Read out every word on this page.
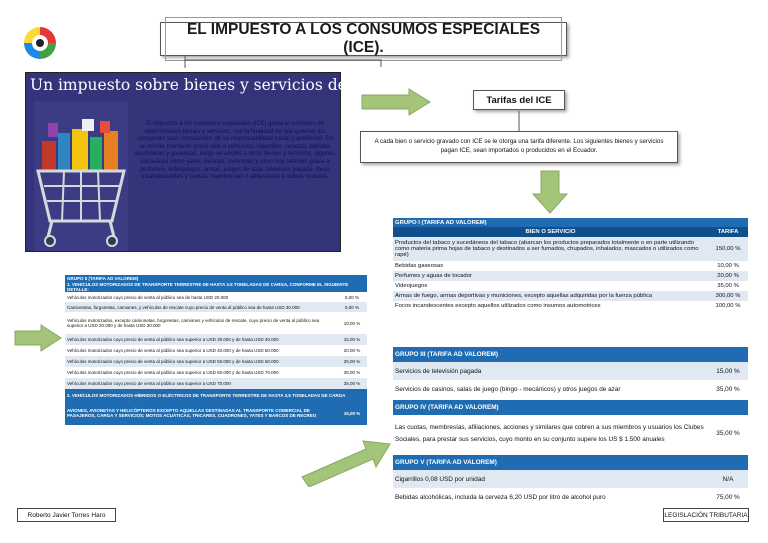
EL IMPUESTO A LOS CONSUMOS ESPECIALES (ICE).
Un impuesto sobre bienes y servicios de lujo
El impuesto a los consumos especiales (ICE) grava el consumo de determinados bienes y servicios, con la finalidad de que quienes los consuman sean conscientes de su responsabilidad social y ambiental. En un primer momento gravó sólo a vehículos, cigarrillos, cerveza, bebidas alcohólicas y gaseosas; luego se amplió a otros bienes y servicios, algunos suntuarios como yates, aviones, avionetas y otros hoy también grava a perfumes, videojuegos, armas, juegos de azar, televisión pagada, focos incandescentes y cuotas, membresías o afiliaciones a clubes sociales.
Tarifas del ICE
A cada bien o servicio gravado con ICE se le otorga una tarifa diferente. Los siguientes bienes y servicios pagan ICE, sean importados o producidos en el Ecuador.
GRUPO I (TARIFA AD VALOREM)	
BIEN O SERVICIO	TARIFA
Productos del tabaco y sucedáneos del tabaco (abarcan los productos preparados totalmente o en parte utilizando como materia prima hojas de tabaco y destinados a ser fumados, chupados, inhalados, mascados o utilizados como rapé)	150,00 %
Bebidas gaseosas	10,00 %
Perfumes y aguas de tocador	20,00 %
Videojuegos	35,00 %
Armas de fuego, armas deportivas y municiones, excepto aquellas adquiridas por la fuerza pública	300,00 %
Focos incandescentes excepto aquellos utilizados como insumos automotrices	100,00 %
GRUPO II (TARIFA AD VALOREM)	
1. VEHÍCULOS MOTORIZADOS DE TRANSPORTE TERRESTRE DE HASTA 3.5 TONELADAS DE CARGA, CONFORME EL SIGUIENTE DETALLE:	
Vehículos motorizados cuyo precio de venta al público sea de hasta USD 20.000	5,00 %
Camionetas, furgonetas, camiones, y vehículos de rescate cuyo precio de venta al público sea de hasta USD 30.000	5,00 %
Vehículos motorizados, excepto camionetas, furgonetas, camiones y vehículos de rescate, cuyo precio de venta al público sea superior a USD 20.000 y de hasta USD 30.000	10,00 %
Vehículos motorizados cuyo precio de venta al público sea superior a USD 30.000 y de hasta USD 40.000	15,00 %
Vehículos motorizados cuyo precio de venta al público sea superior a USD 40.000 y de hasta USD 50.000	20,00 %
Vehículos motorizados cuyo precio de venta al público sea superior a USD 50.000 y de hasta USD 60.000	25,00 %
Vehículos motorizados cuyo precio de venta al público sea superior a USD 60.000 y de hasta USD 70.000	30,00 %
Vehículos motorizados cuyo precio de venta al público sea superior a USD 70.000	35,00 %
2. VEHÍCULOS MOTORIZADOS HÍBRIDOS O ELÉCTRICOS DE TRANSPORTE TERRESTRE DE HASTA 3,5 TONELADAS DE CARGA	
AVIONES, AVIONETAS Y HELICÓPTEROS EXCEPTO AQUELLAS DESTINADAS AL TRANSPORTE COMERCIAL DE PASAJEROS, CARGA Y SERVICIOS; MOTOS ACUÁTICAS, TRICARES, CUADRONES, YATES Y BARCOS DE RECREO	15,00 %
GRUPO III (TARIFA AD VALOREM)	
Servicios de televisión pagada	15,00 %
Servicios de casinos, salas de juego (bingo - mecánicos) y otros juegos de azar	35,00 %
GRUPO IV (TARIFA AD VALOREM)
Las cuotas, membresías, afiliaciones, acciones y similares que cobren a sus miembros y usuarios los Clubes Sociales, para prestar sus servicios, cuyo monto en su conjunto supere los US $ 1.500 anuales	35,00 %
GRUPO V (TARIFA AD VALOREM)	
Cigarrillos 0,08 USD por unidad	N/A
Bebidas alcohólicas, incluida la cerveza 6,20 USD por litro de alcohol puro	75,00 %
Roberto Javier Torres Haro	LEGISLACIÓN TRIBUTARIA
